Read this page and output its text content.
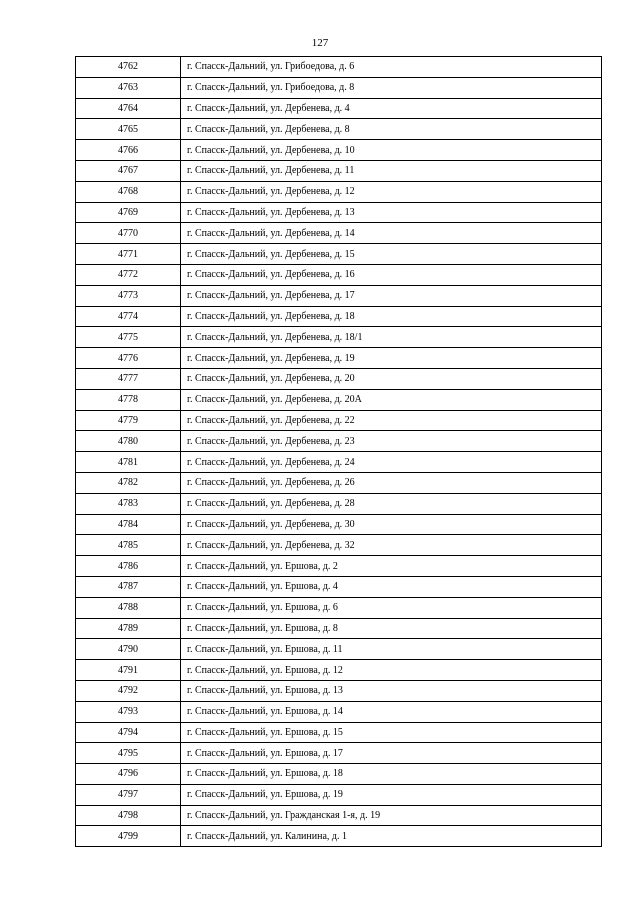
127
4762	г. Спасск-Дальний, ул. Грибоедова, д. 6
4763	г. Спасск-Дальний, ул. Грибоедова, д. 8
4764	г. Спасск-Дальний, ул. Дербенева, д. 4
4765	г. Спасск-Дальний, ул. Дербенева, д. 8
4766	г. Спасск-Дальний, ул. Дербенева, д. 10
4767	г. Спасск-Дальний, ул. Дербенева, д. 11
4768	г. Спасск-Дальний, ул. Дербенева, д. 12
4769	г. Спасск-Дальний, ул. Дербенева, д. 13
4770	г. Спасск-Дальний, ул. Дербенева, д. 14
4771	г. Спасск-Дальний, ул. Дербенева, д. 15
4772	г. Спасск-Дальний, ул. Дербенева, д. 16
4773	г. Спасск-Дальний, ул. Дербенева, д. 17
4774	г. Спасск-Дальний, ул. Дербенева, д. 18
4775	г. Спасск-Дальний, ул. Дербенева, д. 18/1
4776	г. Спасск-Дальний, ул. Дербенева, д. 19
4777	г. Спасск-Дальний, ул. Дербенева, д. 20
4778	г. Спасск-Дальний, ул. Дербенева, д. 20А
4779	г. Спасск-Дальний, ул. Дербенева, д. 22
4780	г. Спасск-Дальний, ул. Дербенева, д. 23
4781	г. Спасск-Дальний, ул. Дербенева, д. 24
4782	г. Спасск-Дальний, ул. Дербенева, д. 26
4783	г. Спасск-Дальний, ул. Дербенева, д. 28
4784	г. Спасск-Дальний, ул. Дербенева, д. 30
4785	г. Спасск-Дальний, ул. Дербенева, д. 32
4786	г. Спасск-Дальний, ул. Ершова, д. 2
4787	г. Спасск-Дальний, ул. Ершова, д. 4
4788	г. Спасск-Дальний, ул. Ершова, д. 6
4789	г. Спасск-Дальний, ул. Ершова, д. 8
4790	г. Спасск-Дальний, ул. Ершова, д. 11
4791	г. Спасск-Дальний, ул. Ершова, д. 12
4792	г. Спасск-Дальний, ул. Ершова, д. 13
4793	г. Спасск-Дальний, ул. Ершова, д. 14
4794	г. Спасск-Дальний, ул. Ершова, д. 15
4795	г. Спасск-Дальний, ул. Ершова, д. 17
4796	г. Спасск-Дальний, ул. Ершова, д. 18
4797	г. Спасск-Дальний, ул. Ершова, д. 19
4798	г. Спасск-Дальний, ул. Гражданская 1-я, д. 19
4799	г. Спасск-Дальний, ул. Калинина, д. 1
